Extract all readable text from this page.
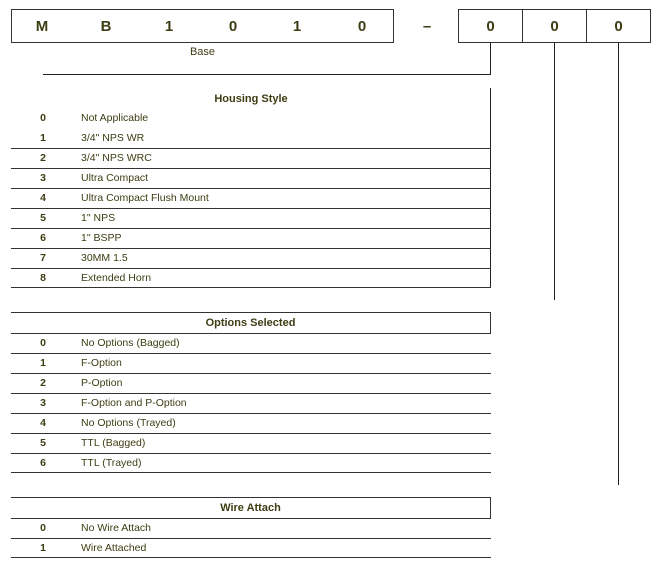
M	B	1	0	1	0	–	0	0	0
Base
Housing Style
0	Not Applicable
1	3/4" NPS WR
2	3/4" NPS WRC
3	Ultra Compact
4	Ultra Compact Flush Mount
5	1" NPS
6	1" BSPP
7	30MM 1.5
8	Extended Horn
Options Selected
0	No Options (Bagged)
1	F-Option
2	P-Option
3	F-Option and P-Option
4	No Options (Trayed)
5	TTL (Bagged)
6	TTL (Trayed)
Wire Attach
0	No Wire Attach
1	Wire Attached
